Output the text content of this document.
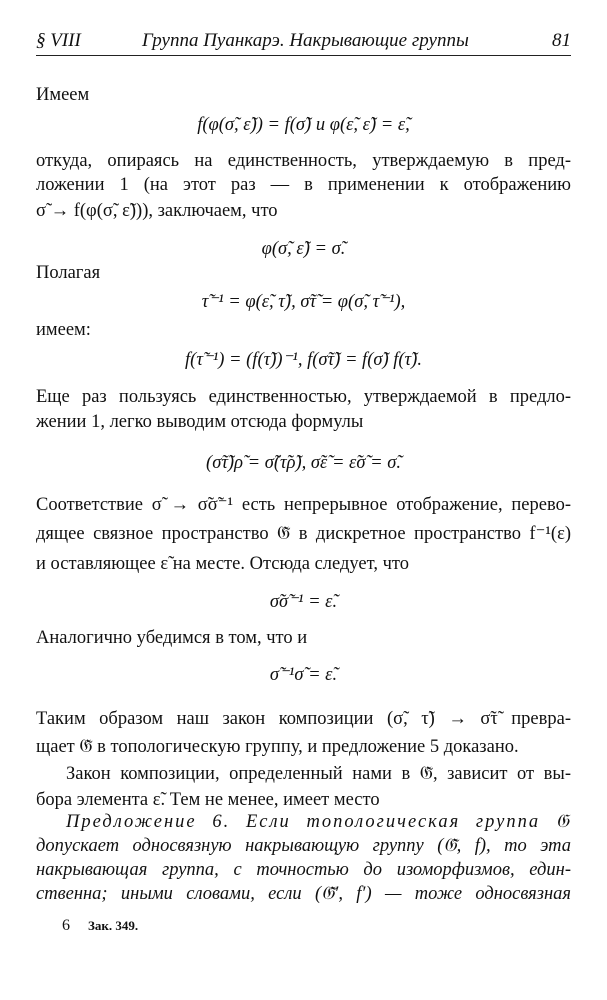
§ VIII	Группа Пуанкарэ. Накрывающие группы	81
Имеем
f(φ(σ̃, ε̃)) = f(σ̃) и φ(ε̃, ε̃) = ε̃,
откуда, опираясь на единственность, утверждаемую в пред-
ложении 1 (на этот раз — в применении к отображению
σ̃ → f(φ(σ̃, ε̃))), заключаем, что
φ(σ̃, ε̃) = σ̃.
Полагая
τ̃⁻¹ = φ(ε̃, τ̃), σ̃τ̃ = φ(σ̃, τ̃⁻¹),
имеем:
f(τ̃⁻¹) = (f(τ̃))⁻¹, f(σ̃τ̃) = f(σ̃) f(τ̃).
Еще раз пользуясь единственностью, утверждаемой в предло-
жении 1, легко выводим отсюда формулы
(σ̃τ̃)ρ̃ = σ̃(τ̃ρ̃), σ̃ε̃ = ε̃σ̃ = σ̃.
Соответствие σ̃ → σ̃σ̃⁻¹ есть непрерывное отображение, перево-
дящее связное пространство 𝔊̃ в дискретное пространство f⁻¹(ε)
и оставляющее ε̃ на месте. Отсюда следует, что
σ̃σ̃⁻¹ = ε̃.
Аналогично убедимся в том, что и
σ̃⁻¹σ̃ = ε̃.
Таким образом наш закон композиции (σ̃, τ̃) → σ̃τ̃ превра-
щает 𝔊̃ в топологическую группу, и предложение 5 доказано.
Закон композиции, определенный нами в 𝔊̃, зависит от вы-
бора элемента ε̃. Тем не менее, имеет место
Предложение 6. Если топологическая группа 𝔊
допускает односвязную накрывающую группу (𝔊̃, f), то эта
накрывающая группа, с точностью до изоморфизмов, един-
ственна; иными словами, если (𝔊̃′, f′) — тоже односвязная
6 Зак. 349.
